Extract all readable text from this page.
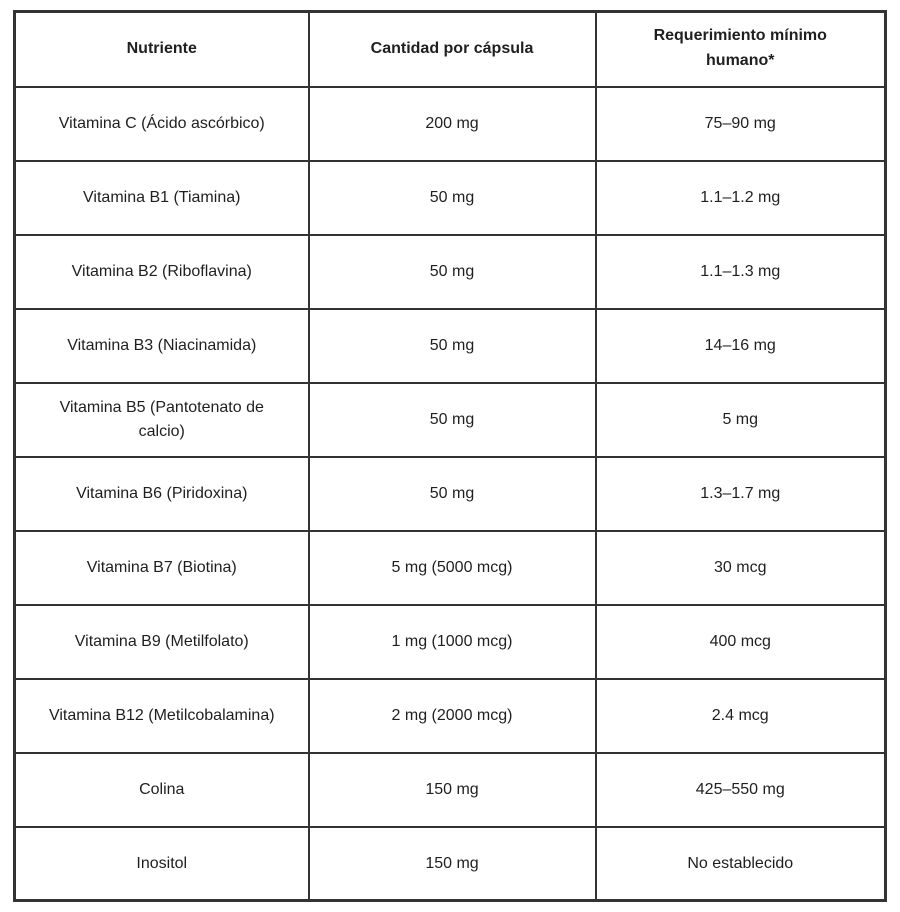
Nutriente	Cantidad por cápsula	Requerimiento mínimo humano*
Vitamina C (Ácido ascórbico)	200 mg	75–90 mg
Vitamina B1 (Tiamina)	50 mg	1.1–1.2 mg
Vitamina B2 (Riboflavina)	50 mg	1.1–1.3 mg
Vitamina B3 (Niacinamida)	50 mg	14–16 mg
Vitamina B5 (Pantotenato de calcio)	50 mg	5 mg
Vitamina B6 (Piridoxina)	50 mg	1.3–1.7 mg
Vitamina B7 (Biotina)	5 mg (5000 mcg)	30 mcg
Vitamina B9 (Metilfolato)	1 mg (1000 mcg)	400 mcg
Vitamina B12 (Metilcobalamina)	2 mg (2000 mcg)	2.4 mcg
Colina	150 mg	425–550 mg
Inositol	150 mg	No establecido
